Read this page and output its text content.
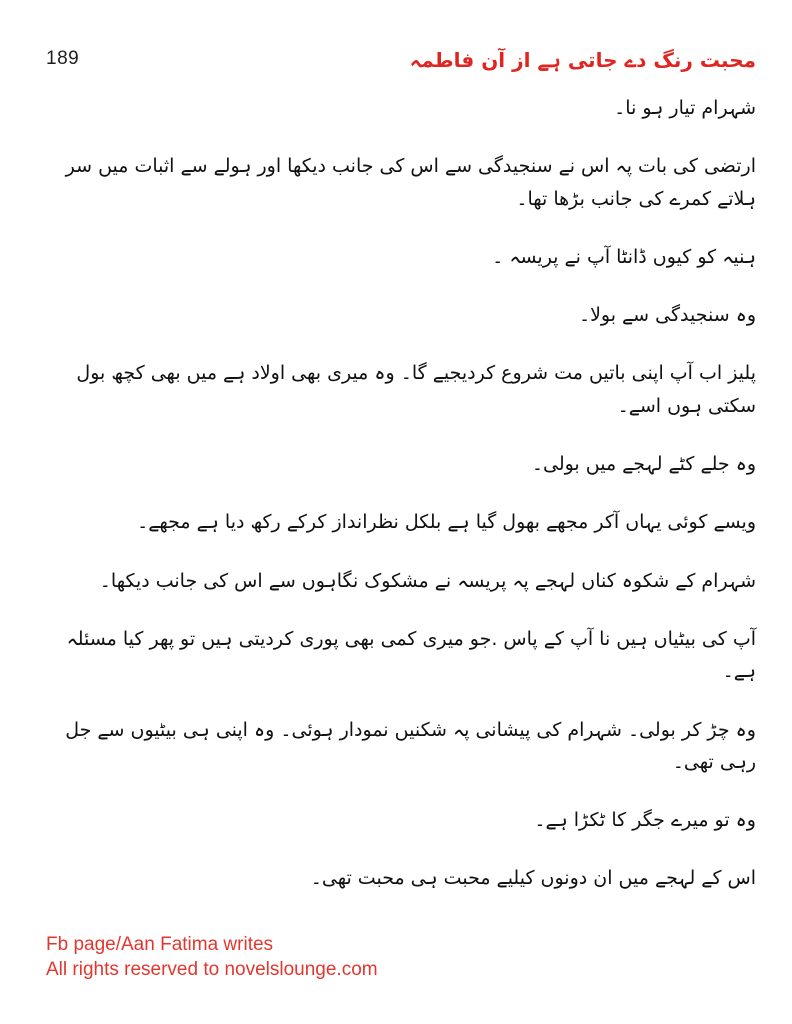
189	محبت رنگ دے جاتی ہے از آن فاطمہ

شہرام تیار ہو نا۔

ارتضی کی بات پہ اس نے سنجیدگی سے اس کی جانب دیکھا اور ہولے سے اثبات میں سر ہلاتے کمرے کی جانب بڑھا تھا۔

ہنیہ کو کیوں ڈانٹا آپ نے پریسہ ۔

وہ سنجیدگی سے بولا۔

پلیز اب آپ اپنی باتیں مت شروع کردیجیے گا۔ وہ میری بھی اولاد ہے میں بھی کچھ بول سکتی ہوں اسے۔

وہ جلے کٹے لہجے میں بولی۔

ویسے کوئی یہاں آکر مجھے بھول گیا ہے بلکل نظرانداز کرکے رکھ دیا ہے مجھے۔

شہرام کے شکوہ کناں لہجے پہ پریسہ نے مشکوک نگاہوں سے اس کی جانب دیکھا۔

آپ کی بیٹیاں ہیں نا آپ کے پاس .جو میری کمی بھی پوری کردیتی ہیں تو پھر کیا مسئلہ ہے۔

وہ چڑ کر بولی۔ شہرام کی پیشانی پہ شکنیں نمودار ہوئی۔ وہ اپنی ہی بیٹیوں سے جل رہی تھی۔

وہ تو میرے جگر کا ٹکڑا ہے۔

اس کے لہجے میں ان دونوں کیلیے محبت ہی محبت تھی۔

Fb page/Aan Fatima writes
All rights reserved to novelslounge.com
